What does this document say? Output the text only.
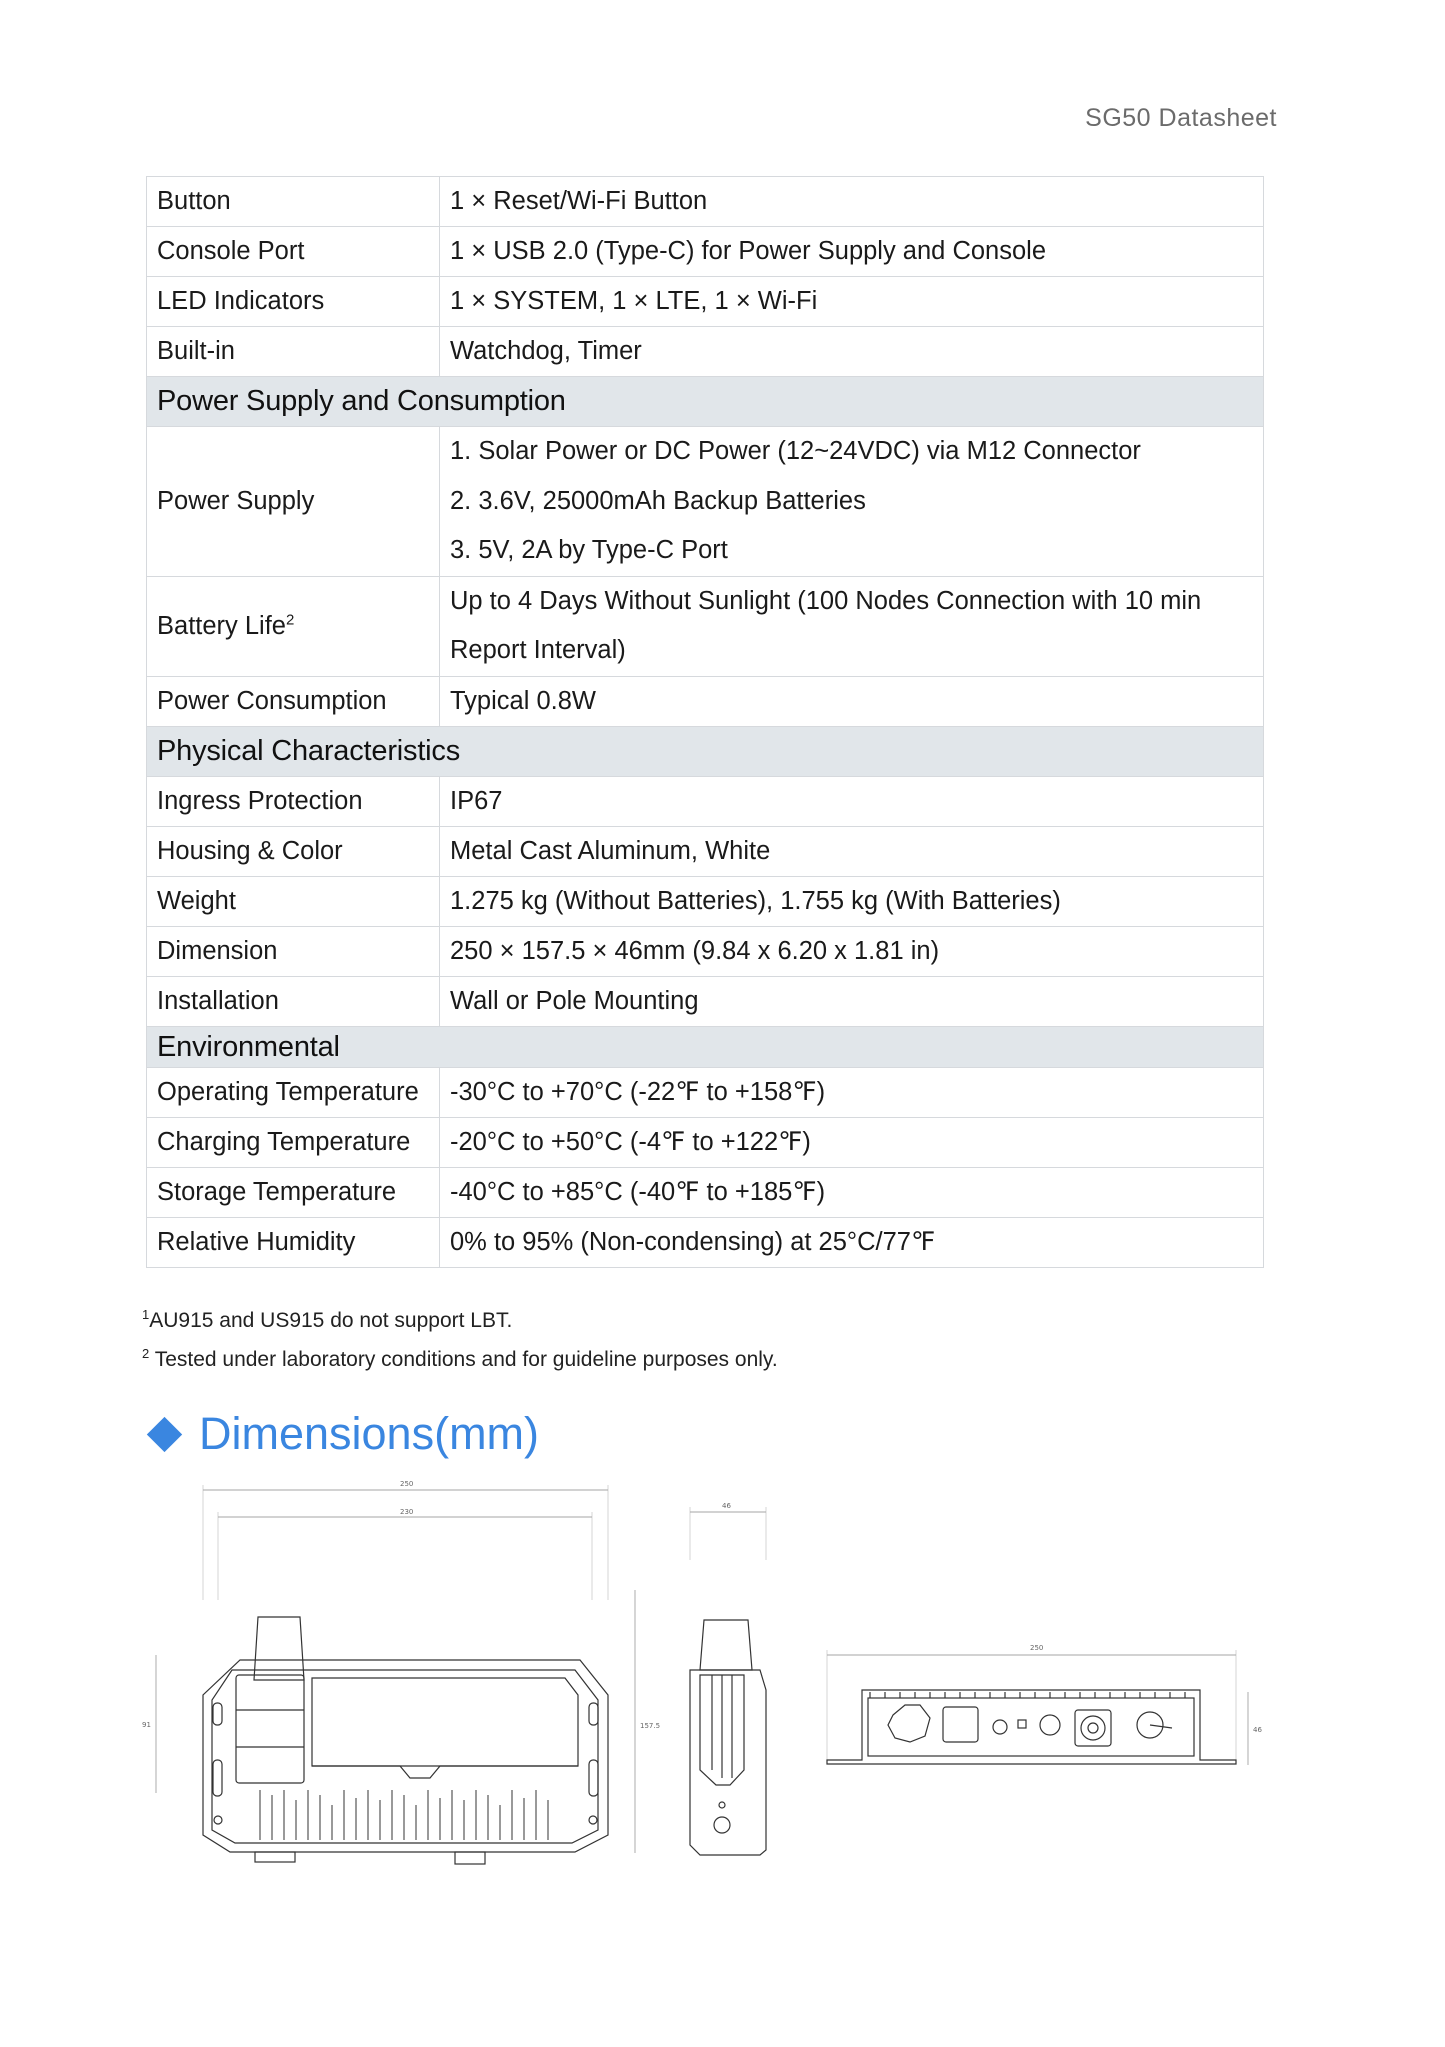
SG50 Datasheet
Button	1 × Reset/Wi-Fi Button
Console Port	1 × USB 2.0 (Type-C) for Power Supply and Console
LED Indicators	1 × SYSTEM, 1 × LTE, 1 × Wi-Fi
Built-in	Watchdog, Timer
Power Supply and Consumption	
Power Supply	1. Solar Power or DC Power (12~24VDC) via M12 Connector
2. 3.6V, 25000mAh Backup Batteries
3. 5V, 2A by Type-C Port

Battery Life$^2$	Up to 4 Days Without Sunlight (100 Nodes Connection with 10 min
Report Interval)

Power Consumption	Typical 0.8W
Physical Characteristics	
Ingress Protection	IP67
Housing & Color	Metal Cast Aluminum, White
Weight	1.275 kg (Without Batteries), 1.755 kg (With Batteries)
Dimension	250 × 157.5 × 46mm (9.84 x 6.20 x 1.81 in)
Installation	Wall or Pole Mounting
Environmental	
Operating Temperature	-30°C to +70°C (-22℉ to +158℉)
Charging Temperature	-20°C to +50°C (-4℉ to +122℉)
Storage Temperature	-40°C to +85°C (-40℉ to +185℉)
Relative Humidity	0% to 95% (Non-condensing) at 25°C/77℉
$^1$AU915 and US915 do not support LBT.
$^2$ Tested under laboratory conditions and for guideline purposes only.
Dimensions(mm)
250
230
91	157.5
46
250
46
